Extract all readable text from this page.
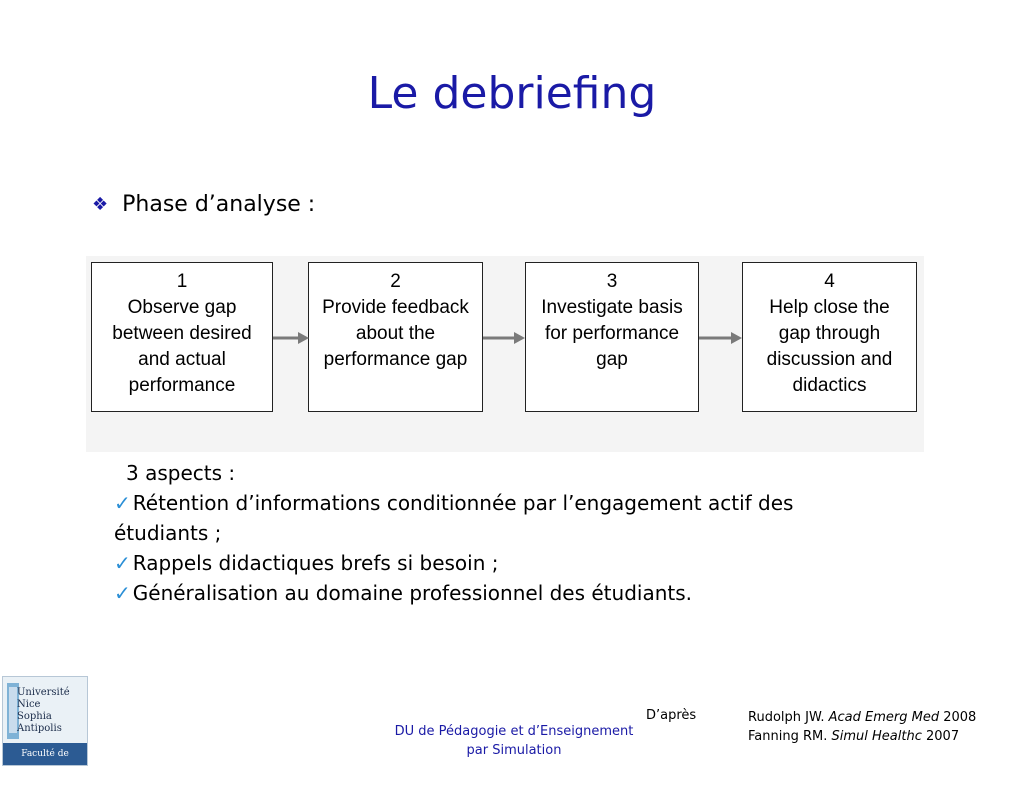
Le debriefing
❖ Phase d’analyse :
1
Observe gap
between desired
and actual
performance
2
Provide feedback
about the
performance gap
3
Investigate basis
for performance
gap
4
Help close the
gap through
discussion and
didactics
3 aspects :
✓ Rétention d’informations conditionnée par l’engagement actif des
étudiants ;
✓ Rappels didactiques brefs si besoin ;
✓ Généralisation au domaine professionnel des étudiants.
Université
Nice
Sophia Antipolis
Faculté de Médecine
DU de Pédagogie et d’Enseignement
par Simulation
D’après	Rudolph JW. Acad Emerg Med 2008
Fanning RM. Simul Healthc 2007
